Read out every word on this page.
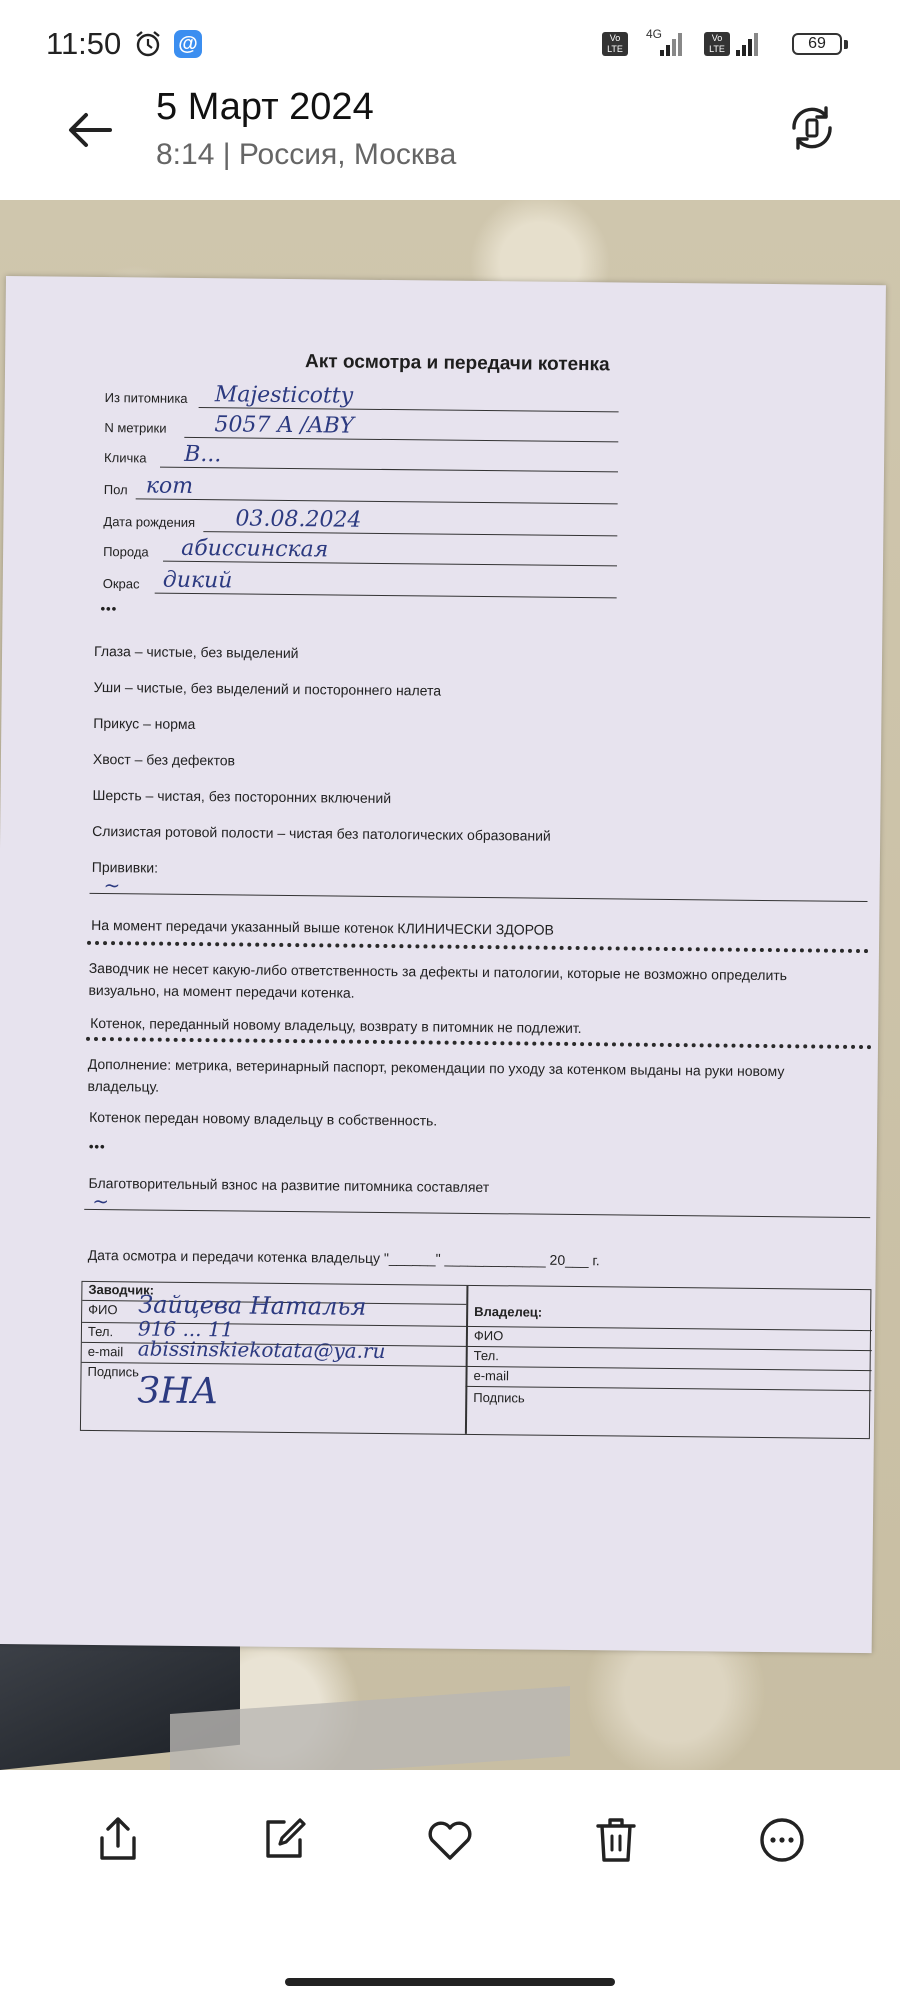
11:50	@	Vo LTE
4G	Vo LTE	69
5 Март 2024
8:14 | Россия, Москва
Акт осмотра и передачи котенка
Из питомника Majesticotty
N метрики 5057 A /ABY
Кличка B...
Пол кот
Дата рождения 03.08.2024
Порода абиссинская
Окрас дикий
•••
Глаза – чистые, без выделений
Уши – чистые, без выделений и постороннего налета
Прикус – норма
Хвост – без дефектов
Шерсть – чистая, без посторонних включений
Слизистая ротовой полости – чистая без патологических образований
Прививки:
~
На момент передачи указанный выше котенок КЛИНИЧЕСКИ ЗДОРОВ
Заводчик не несет какую-либо ответственность за дефекты и патологии, которые не возможно определить визуально, на момент передачи котенка.
Котенок, переданный новому владельцу, возврату в питомник не подлежит.
Дополнение: метрика, ветеринарный паспорт, рекомендации по уходу за котенком выданы на руки новому владельцу.
Котенок передан новому владельцу в собственность.
•••
Благотворительный взнос на развитие питомника составляет
~
Дата осмотра и передачи котенка владельцу "______" _____________ 20___ г.
Заводчик:
ФИО Зайцева Наталья
Тел. 916 ... 11
e-mail abissinskiekotata@ya.ru
Подпись
ЗНА
Владелец:
ФИО
Тел.
e-mail
Подпись
